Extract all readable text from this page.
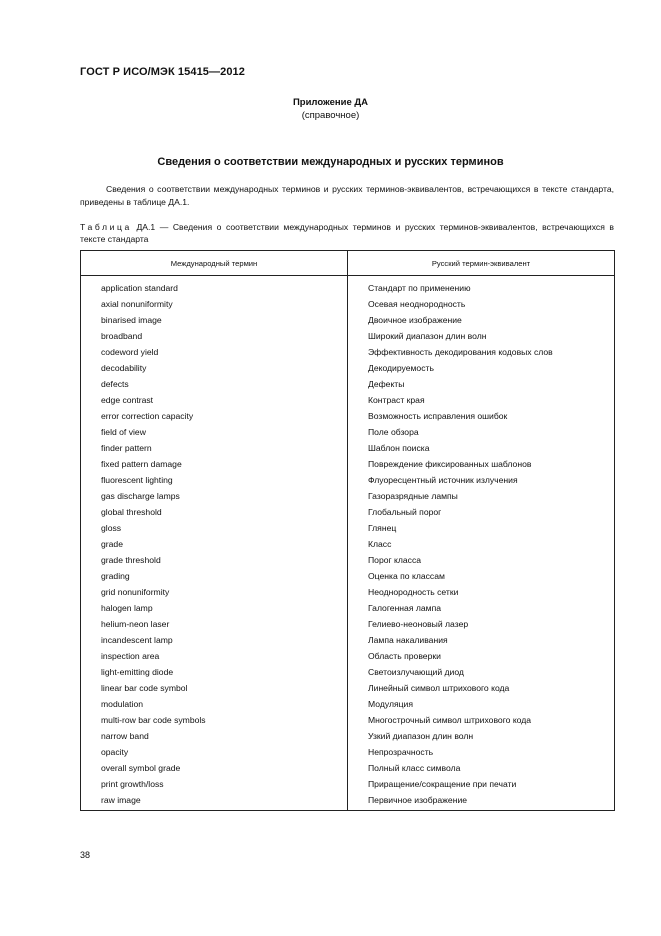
ГОСТ Р ИСО/МЭК 15415—2012
Приложение ДА
(справочное)
Сведения о соответствии международных и русских терминов
Сведения о соответствии международных терминов и русских терминов-эквивалентов, встречающихся в тексте стандарта, приведены в таблице ДА.1.
Таблица ДА.1 — Сведения о соответствии международных терминов и русских терминов-эквивалентов, встречающихся в тексте стандарта
Международный термин	Русский термин-эквивалент
application standard	Стандарт по применению
axial nonuniformity	Осевая неоднородность
binarised image	Двоичное изображение
broadband	Широкий диапазон длин волн
codeword yield	Эффективность декодирования кодовых слов
decodability	Декодируемость
defects	Дефекты
edge contrast	Контраст края
error correction capacity	Возможность исправления ошибок
field of view	Поле обзора
finder pattern	Шаблон поиска
fixed pattern damage	Повреждение фиксированных шаблонов
fluorescent lighting	Флуоресцентный источник излучения
gas discharge lamps	Газоразрядные лампы
global threshold	Глобальный порог
gloss	Глянец
grade	Класс
grade threshold	Порог класса
grading	Оценка по классам
grid nonuniformity	Неоднородность сетки
halogen lamp	Галогенная лампа
helium-neon laser	Гелиево-неоновый лазер
incandescent lamp	Лампа накаливания
inspection area	Область проверки
light-emitting diode	Светоизлучающий диод
linear bar code symbol	Линейный символ штрихового кода
modulation	Модуляция
multi-row bar code symbols	Многострочный символ штрихового кода
narrow band	Узкий диапазон длин волн
opacity	Непрозрачность
overall symbol grade	Полный класс символа
print growth/loss	Приращение/сокращение при печати
raw image	Первичное изображение
38
